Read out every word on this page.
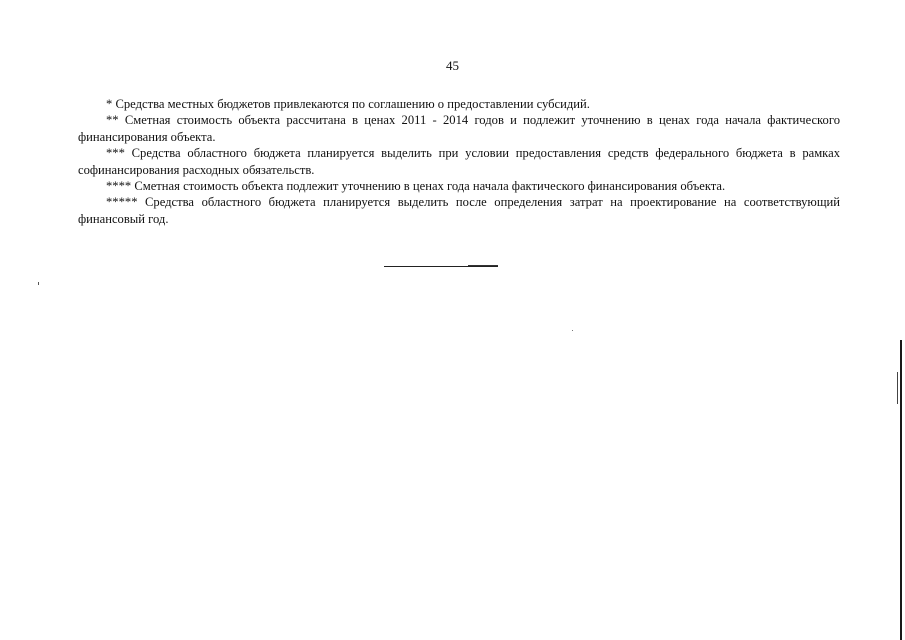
45

* Средства местных бюджетов привлекаются по соглашению о предоставлении субсидий.

** Сметная стоимость объекта рассчитана в ценах 2011 - 2014 годов и подлежит уточнению в ценах года начала фактического финансирования объекта.

*** Средства областного бюджета планируется выделить при условии предоставления средств федерального бюджета в рамках софинансирования расходных обязательств.

**** Сметная стоимость объекта подлежит уточнению в ценах года начала фактического финансирования объекта.

***** Средства областного бюджета планируется выделить после определения затрат на проектирование на соответствующий финансовый год.
